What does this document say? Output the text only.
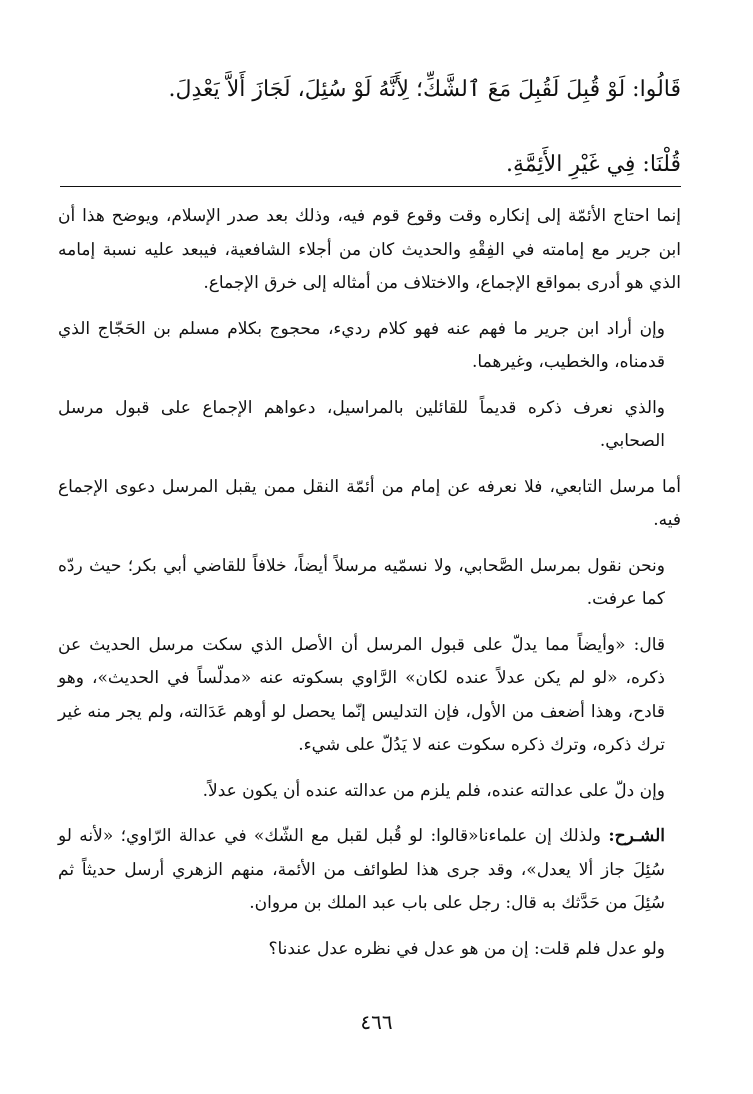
قَالُوا: لَوْ قُبِلَ لَقُبِلَ مَعَ ٱلشَّكِّ؛ لِأَنَّهُ لَوْ سُئِلَ، لَجَازَ أَلاَّ يَعْدِلَ.
قُلْنَا: فِي غَيْرِ الأَئِمَّةِ.

إنما احتاج الأئمّة إلى إنكاره وقت وقوع قوم فيه، وذلك بعد صدر الإسلام، ويوضح هذا أن ابن جرير مع إمامته في الفِقْهِ والحديث كان من أجلاء الشافعية، فيبعد عليه نسبة إمامه الذي هو أدرى بمواقع الإجماع، والاختلاف من أمثاله إلى خرق الإجماع.

وإن أراد ابن جرير ما فهم عنه فهو كلام رديء، محجوج بكلام مسلم بن الحَجّاج الذي قدمناه، والخطيب، وغيرهما.

والذي نعرف ذكره قديماً للقائلين بالمراسيل، دعواهم الإجماع على قبول مرسل الصحابي.

أما مرسل التابعي، فلا نعرفه عن إمام من أئمّة النقل ممن يقبل المرسل دعوى الإجماع فيه.

ونحن نقول بمرسل الصَّحابي، ولا نسمّيه مرسلاً أيضاً، خلافاً للقاضي أبي بكر؛ حيث ردّه كما عرفت.

قال: «وأيضاً مما يدلّ على قبول المرسل أن الأصل الذي سكت مرسل الحديث عن ذكره، «لو لم يكن عدلاً عنده لكان» الرَّاوي بسكوته عنه «مدلّساً في الحديث»، وهو قادح، وهذا أضعف من الأول، فإن التدليس إنّما يحصل لو أوهم عَدَالته، ولم يجر منه غير ترك ذكره، وترك ذكره سكوت عنه لا يَدُلّ على شيء.

وإن دلّ على عدالته عنده، فلم يلزم من عدالته عنده أن يكون عدلاً.

الشـرح: ولذلك إن علماءنا«قالوا: لو قُبل لقبل مع الشّك» في عدالة الرّاوي؛ «لأنه لو سُئِلَ جاز ألا يعدل»، وقد جرى هذا لطوائف من الأئمة، منهم الزهري أرسل حديثاً ثم سُئِلَ من حَدَّثك به قال: رجل على باب عبد الملك بن مروان.

ولو عدل فلم قلت: إن من هو عدل في نظره عدل عندنا؟

٤٦٦
